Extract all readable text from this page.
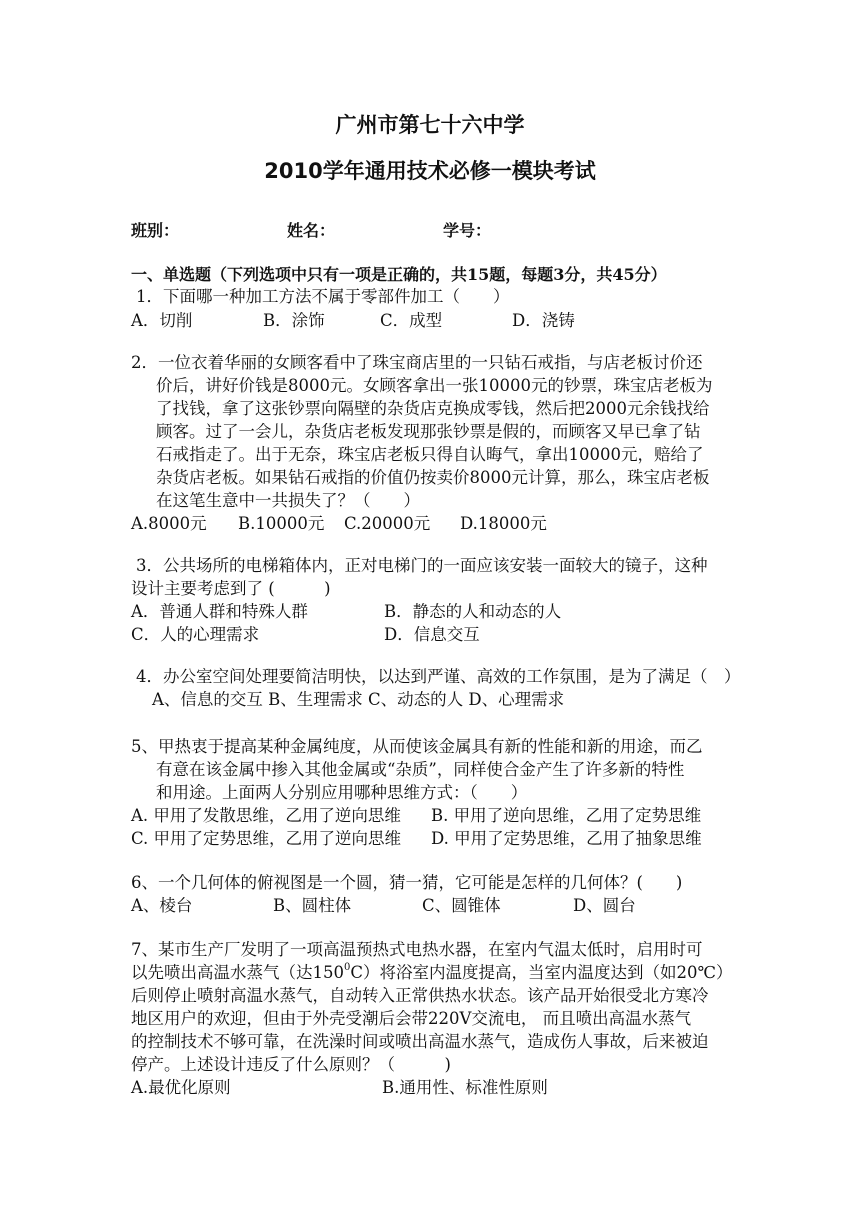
广州市第七十六中学
2010学年通用技术必修一模块考试
班别：	姓名：	学号：
一、单选题（下列选项中只有一项是正确的，共15题，每题3分，共45分）
1．下面哪一种加工方法不属于零部件加工（　　）
A．切削	B．涂饰	C．成型	D．浇铸
2．一位衣着华丽的女顾客看中了珠宝商店里的一只钻石戒指，与店老板讨价还
价后，讲好价钱是8000元。女顾客拿出一张10000元的钞票，珠宝店老板为
了找钱，拿了这张钞票向隔壁的杂货店克换成零钱，然后把2000元余钱找给
顾客。过了一会儿，杂货店老板发现那张钞票是假的，而顾客又早已拿了钻
石戒指走了。出于无奈，珠宝店老板只得自认晦气，拿出10000元，赔给了
杂货店老板。如果钻石戒指的价值仍按卖价8000元计算，那么，珠宝店老板
在这笔生意中一共损失了？（　　）
A.8000元 B.10000元 C.20000元 D.18000元
3．公共场所的电梯箱体内，正对电梯门的一面应该安装一面较大的镜子，这种
设计主要考虑到了 (　　　)
A．普通人群和特殊人群	B．静态的人和动态的人
C．人的心理需求	D．信息交互
4．办公室空间处理要简洁明快，以达到严谨、高效的工作氛围，是为了满足（　）
A、信息的交互 B、生理需求 C、动态的人 D、心理需求
5、甲热衷于提高某种金属纯度，从而使该金属具有新的性能和新的用途，而乙
有意在该金属中掺入其他金属或“杂质”，同样使合金产生了许多新的特性
和用途。上面两人分别应用哪种思维方式：（　　）
A. 甲用了发散思维，乙用了逆向思维 B. 甲用了逆向思维，乙用了定势思维
C. 甲用了定势思维，乙用了逆向思维 D. 甲用了定势思维，乙用了抽象思维
6、一个几何体的俯视图是一个圆，猜一猜，它可能是怎样的几何体？(　　)
A、棱台	B、圆柱体	C、圆锥体	D、圆台
7、某市生产厂发明了一项高温预热式电热水器，在室内气温太低时，启用时可
以先喷出高温水蒸气（达$150^0C$）将浴室内温度提高，当室内温度达到（如20℃）
后则停止喷射高温水蒸气，自动转入正常供热水状态。该产品开始很受北方寒冷
地区用户的欢迎，但由于外壳受潮后会带220V交流电， 而且喷出高温水蒸气
的控制技术不够可靠，在洗澡时间或喷出高温水蒸气，造成伤人事故，后来被迫
停产。上述设计违反了什么原则？（　　　)
A.最优化原则	B.通用性、标准性原则
